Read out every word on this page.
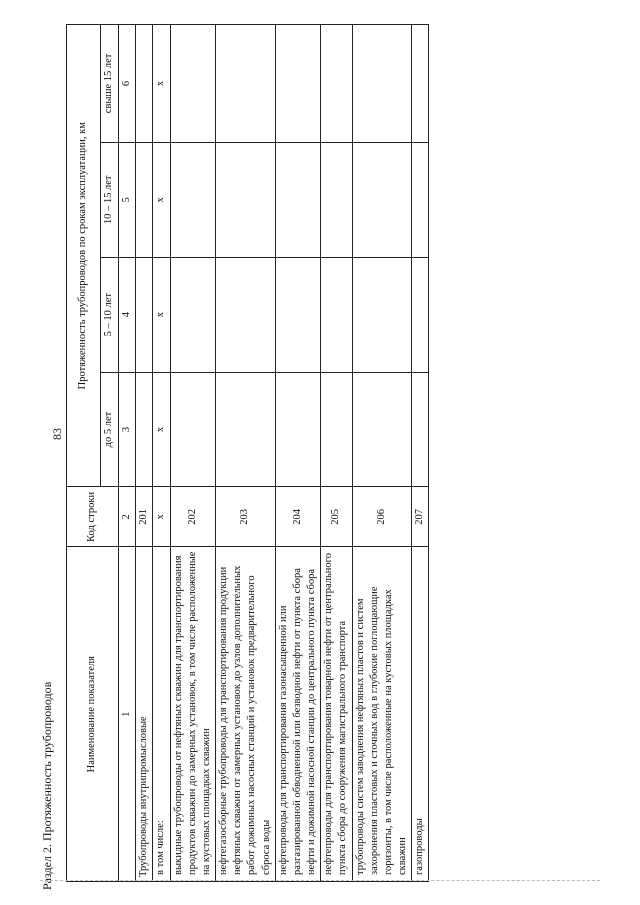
83
Раздел 2. Протяженность трубопроводов	Наименование показателя	Код строки	Протяженность трубопроводов по срокам эксплуатации, км			
		до 5 лет	5 – 10 лет	10 – 15 лет	свыше 15 лет
1	2	3	4	5	6
Трубопроводы внутрипромысловые	201				
в том числе:	х	х	х	х	х
выкидные трубопроводы от нефтяных скважин для транспортирования продуктов скважин до замерных установок, в том числе расположенные на кустовых площадках скважин	202				
нефтегазосборные трубопроводы для транспортирования продукции нефтяных скважин от замерных установок до узлов дополнительных работ дожимных насосных станций и установок предварительного сброса воды	203				
нефтепроводы для транспортирования газонасыщенной или разгазированной обводненной или безводной нефти от пункта сбора нефти и дожимной насосной станции до центрального пункта сбора	204				
нефтепроводы для транспортирования товарной нефти от центрального пункта сбора до сооружения магистрального транспорта	205				
трубопроводы систем заводнения нефтяных пластов и систем захоронения пластовых и сточных вод в глубокие поглощающие горизонты, в том числе расположенные на кустовых площадках скважин	206				
газопроводы	207				
